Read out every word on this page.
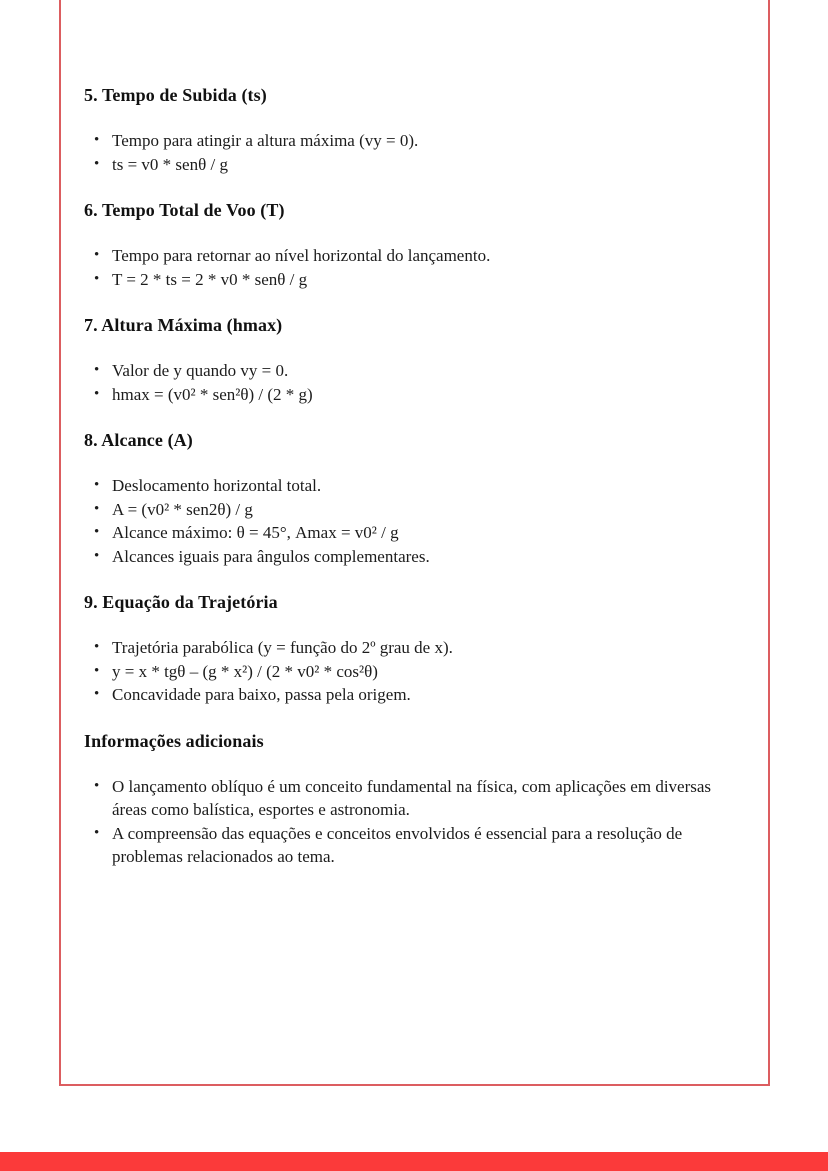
5. Tempo de Subida (ts)
• Tempo para atingir a altura máxima (vy = 0).
• ts = v0 * senθ / g
6. Tempo Total de Voo (T)
• Tempo para retornar ao nível horizontal do lançamento.
• T = 2 * ts = 2 * v0 * senθ / g
7. Altura Máxima (hmax)
• Valor de y quando vy = 0.
• hmax = (v0² * sen²θ) / (2 * g)
8. Alcance (A)
• Deslocamento horizontal total.
• A = (v0² * sen2θ) / g
• Alcance máximo: θ = 45°, Amax = v0² / g
• Alcances iguais para ângulos complementares.
9. Equação da Trajetória
• Trajetória parabólica (y = função do 2º grau de x).
• y = x * tgθ – (g * x²) / (2 * v0² * cos²θ)
• Concavidade para baixo, passa pela origem.
Informações adicionais
• O lançamento oblíquo é um conceito fundamental na física, com aplicações em diversas áreas como balística, esportes e astronomia.
• A compreensão das equações e conceitos envolvidos é essencial para a resolução de problemas relacionados ao tema.
